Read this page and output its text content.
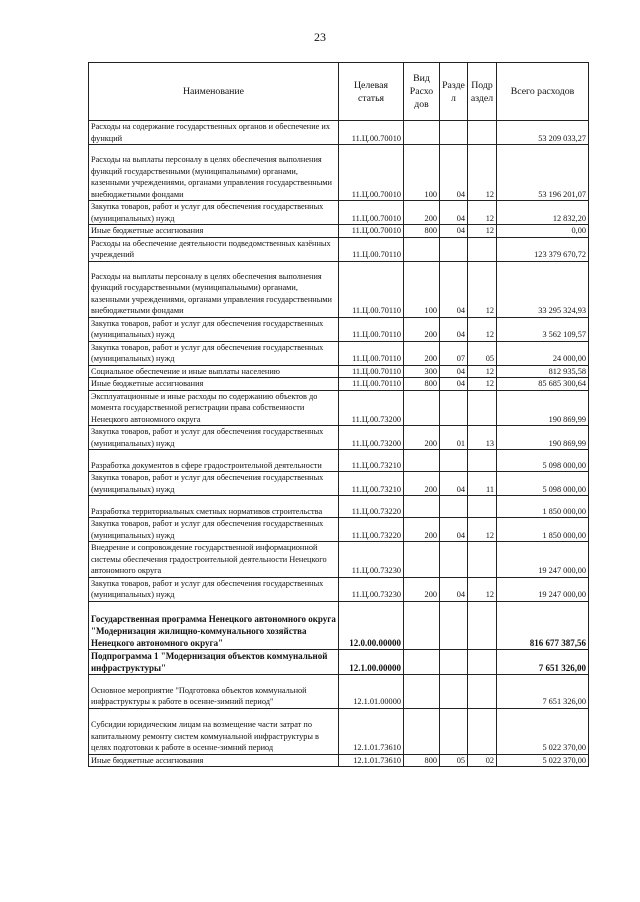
23
Наименование	Целевая статья	Вид Расхо дов	Разде л	Подр аздел	Всего расходов
Расходы на содержание государственных органов и обеспечение их функций	11.Ц.00.70010				53 209 033,27
Расходы на выплаты персоналу в целях обеспечения выполнения функций государственными (муниципальными) органами, казенными учреждениями, органами управления государственными внебюджетными фондами	11.Ц.00.70010	100	04	12	53 196 201,07
Закупка товаров, работ и услуг для обеспечения государственных (муниципальных) нужд	11.Ц.00.70010	200	04	12	12 832,20
Иные бюджетные ассигнования	11.Ц.00.70010	800	04	12	0,00
Расходы на обеспечение деятельности подведомственных казённых учреждений	11.Ц.00.70110				123 379 670,72
Расходы на выплаты персоналу в целях обеспечения выполнения функций государственными (муниципальными) органами, казенными учреждениями, органами управления государственными внебюджетными фондами	11.Ц.00.70110	100	04	12	33 295 324,93
Закупка товаров, работ и услуг для обеспечения государственных (муниципальных) нужд	11.Ц.00.70110	200	04	12	3 562 109,57
Закупка товаров, работ и услуг для обеспечения государственных (муниципальных) нужд	11.Ц.00.70110	200	07	05	24 000,00
Социальное обеспечение и иные выплаты населению	11.Ц.00.70110	300	04	12	812 935,58
Иные бюджетные ассигнования	11.Ц.00.70110	800	04	12	85 685 300,64
Эксплуатационные и иные расходы по содержанию объектов до момента государственной регистрации права собственности Ненецкого автономного округа	11.Ц.00.73200				190 869,99
Закупка товаров, работ и услуг для обеспечения государственных (муниципальных) нужд	11.Ц.00.73200	200	01	13	190 869,99
Разработка документов в сфере градостроительной деятельности	11.Ц.00.73210				5 098 000,00
Закупка товаров, работ и услуг для обеспечения государственных (муниципальных) нужд	11.Ц.00.73210	200	04	11	5 098 000,00
Разработка территориальных сметных нормативов строительства	11.Ц.00.73220				1 850 000,00
Закупка товаров, работ и услуг для обеспечения государственных (муниципальных) нужд	11.Ц.00.73220	200	04	12	1 850 000,00
Внедрение и сопровождение государственной информационной системы обеспечения градостроительной деятельности Ненецкого автономного округа	11.Ц.00.73230				19 247 000,00
Закупка товаров, работ и услуг для обеспечения государственных (муниципальных) нужд	11.Ц.00.73230	200	04	12	19 247 000,00
Государственная программа Ненецкого автономного округа "Модернизация жилищно-коммунального хозяйства Ненецкого автономного округа"	12.0.00.00000				816 677 387,56
Подпрограмма 1 "Модернизация объектов коммунальной инфраструктуры"	12.1.00.00000				7 651 326,00
Основное мероприятие "Подготовка объектов коммунальной инфраструктуры к работе в осенне-зимний период"	12.1.01.00000				7 651 326,00
Субсидии юридическим лицам на возмещение части затрат по капитальному ремонту систем коммунальной инфраструктуры в целях подготовки к работе в осенне-зимний период	12.1.01.73610				5 022 370,00
Иные бюджетные ассигнования	12.1.01.73610	800	05	02	5 022 370,00
